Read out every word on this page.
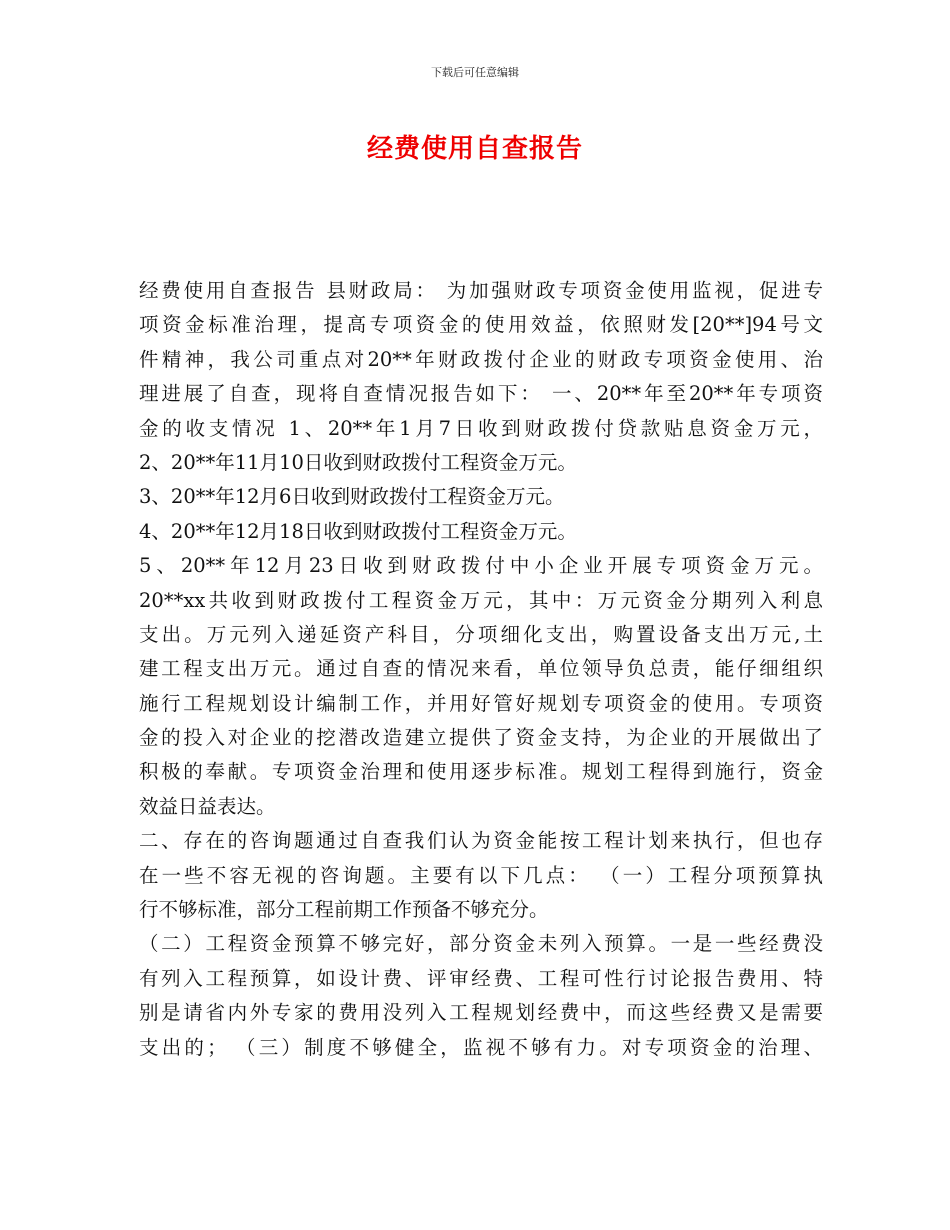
下载后可任意编辑
经费使用自查报告
经费使用自查报告 县财政局： 为加强财政专项资金使用监视，促进专
项资金标准治理，提高专项资金的使用效益，依照财发[20**]94号文
件精神，我公司重点对20**年财政拨付企业的财政专项资金使用、治
理进展了自查，现将自查情况报告如下： 一、20**年至20**年专项资
金的收支情况 1、20**年1月7日收到财政拨付贷款贴息资金万元，
2、20**年11月10日收到财政拨付工程资金万元。
3、20**年12月6日收到财政拨付工程资金万元。
4、20**年12月18日收到财政拨付工程资金万元。
5、20**年12月23日收到财政拨付中小企业开展专项资金万元。
20**xx共收到财政拨付工程资金万元，其中：万元资金分期列入利息
支出。万元列入递延资产科目，分项细化支出，购置设备支出万元,土
建工程支出万元。通过自查的情况来看，单位领导负总责，能仔细组织
施行工程规划设计编制工作，并用好管好规划专项资金的使用。专项资
金的投入对企业的挖潜改造建立提供了资金支持，为企业的开展做出了
积极的奉献。专项资金治理和使用逐步标准。规划工程得到施行，资金
效益日益表达。
二、存在的咨询题通过自查我们认为资金能按工程计划来执行，但也存
在一些不容无视的咨询题。主要有以下几点： （一）工程分项预算执
行不够标准，部分工程前期工作预备不够充分。
（二）工程资金预算不够完好，部分资金未列入预算。一是一些经费没
有列入工程预算，如设计费、评审经费、工程可性行讨论报告费用、特
别是请省内外专家的费用没列入工程规划经费中，而这些经费又是需要
支出的； （三）制度不够健全，监视不够有力。对专项资金的治理、
